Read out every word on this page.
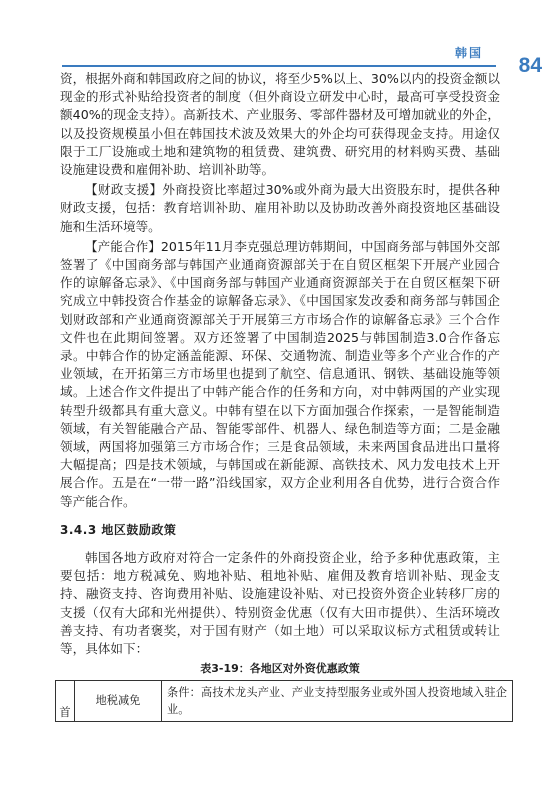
韩国
84

资，根据外商和韩国政府之间的协议，将至少5%以上、30%以内的投资金额以现金的形式补贴给投资者的制度（但外商设立研发中心时，最高可享受投资金额40%的现金支持）。高新技术、产业服务、零部件器材及可增加就业的外企，以及投资规模虽小但在韩国技术波及效果大的外企均可获得现金支持。用途仅限于工厂设施或土地和建筑物的租赁费、建筑费、研究用的材料购买费、基础设施建设费和雇佣补助、培训补助等。

【财政支援】外商投资比率超过30%或外商为最大出资股东时，提供各种财政支援，包括：教育培训补助、雇用补助以及协助改善外商投资地区基础设施和生活环境等。

【产能合作】2015年11月李克强总理访韩期间，中国商务部与韩国外交部签署了《中国商务部与韩国产业通商资源部关于在自贸区框架下开展产业园合作的谅解备忘录》、《中国商务部与韩国产业通商资源部关于在自贸区框架下研究成立中韩投资合作基金的谅解备忘录》、《中国国家发改委和商务部与韩国企划财政部和产业通商资源部关于开展第三方市场合作的谅解备忘录》三个合作文件也在此期间签署。双方还签署了中国制造2025与韩国制造3.0合作备忘录。中韩合作的协定涵盖能源、环保、交通物流、制造业等多个产业合作的产业领域，在开拓第三方市场里也提到了航空、信息通讯、钢铁、基础设施等领域。上述合作文件提出了中韩产能合作的任务和方向，对中韩两国的产业实现转型升级都具有重大意义。中韩有望在以下方面加强合作探索，一是智能制造领域，有关智能融合产品、智能零部件、机器人、绿色制造等方面；二是金融领域，两国将加强第三方市场合作；三是食品领域，未来两国食品进出口量将大幅提高；四是技术领域，与韩国或在新能源、高铁技术、风力发电技术上开展合作。五是在“一带一路”沿线国家，双方企业利用各自优势，进行合资合作等产能合作。

3.4.3 地区鼓励政策

韩国各地方政府对符合一定条件的外商投资企业，给予多种优惠政策，主要包括：地方税减免、购地补贴、租地补贴、雇佣及教育培训补贴、现金支持、融资支持、咨询费用补贴、设施建设补贴、对已投资外资企业转移厂房的支援（仅有大邱和光州提供）、特别资金优惠（仅有大田市提供）、生活环境改善支持、有功者褒奖，对于国有财产（如土地）可以采取议标方式租赁或转让等，具体如下：

表3-19：各地区对外资优惠政策

首	地税减免	条件：高技术龙头产业、产业支持型服务业或外国人投资地域入驻企业。
